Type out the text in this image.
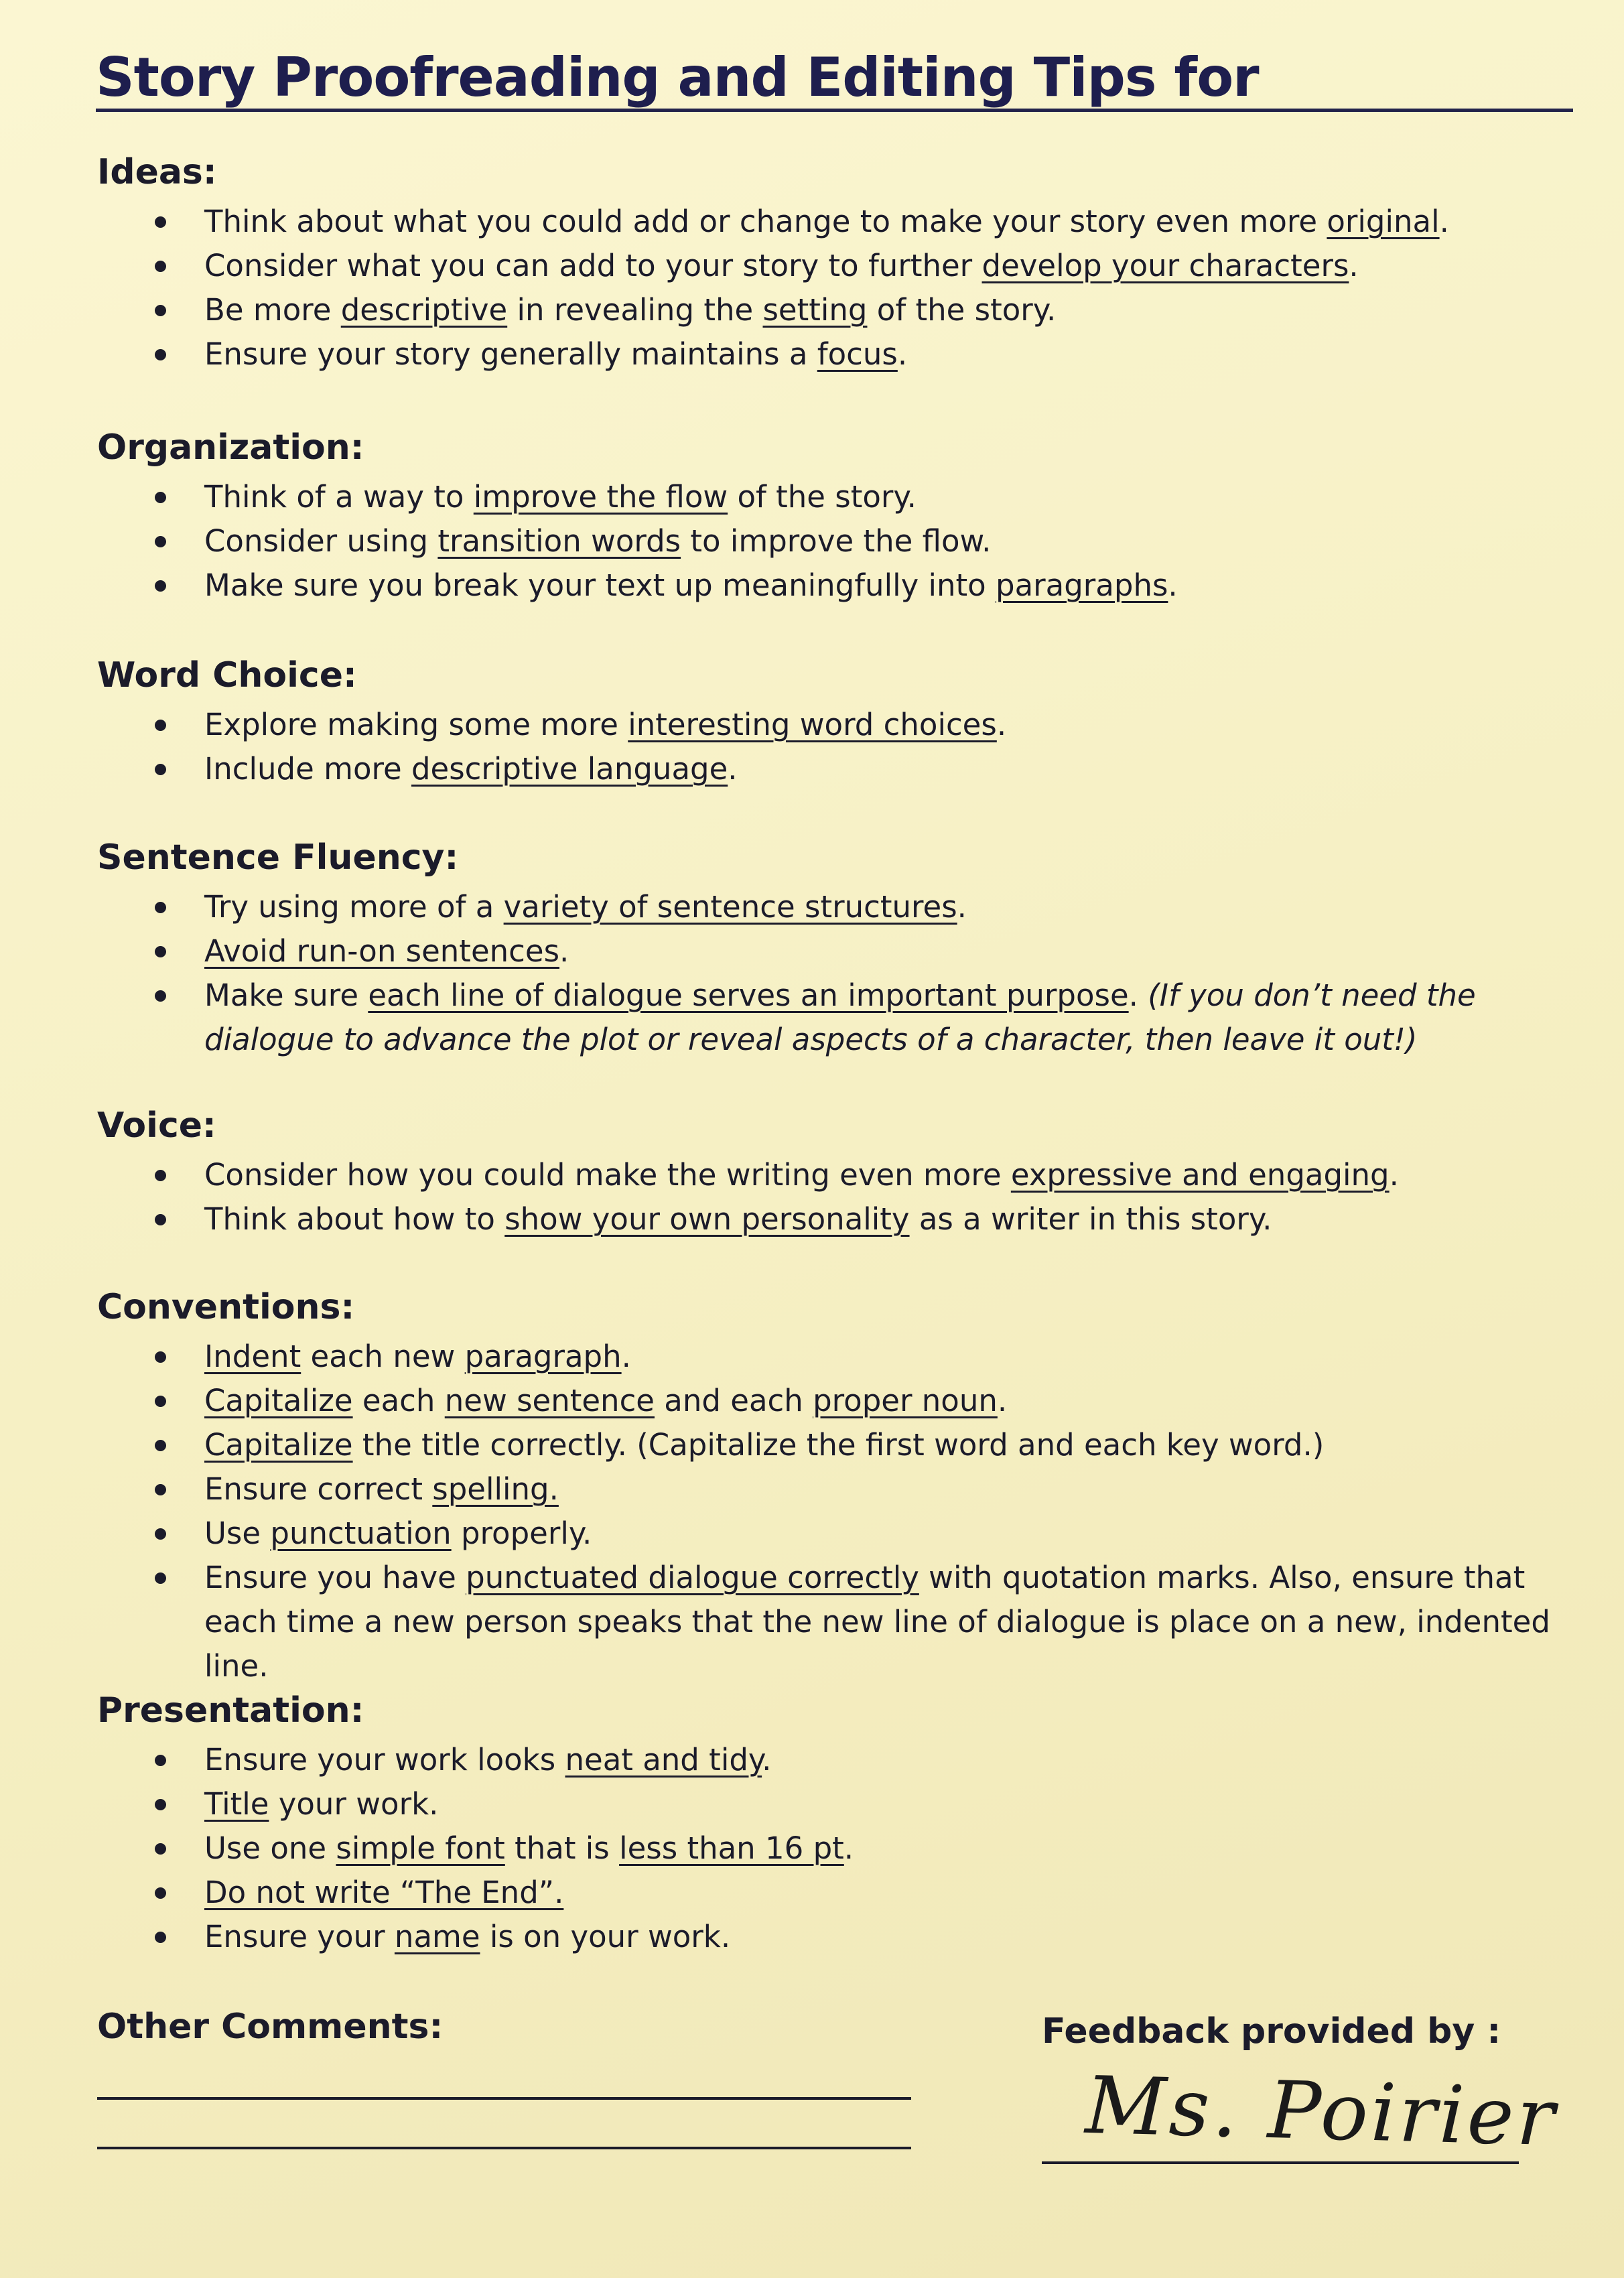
Story Proofreading and Editing Tips for
Ideas:
Think about what you could add or change to make your story even more original.
Consider what you can add to your story to further develop your characters.
Be more descriptive in revealing the setting of the story.
Ensure your story generally maintains a focus.
Organization:
Think of a way to improve the flow of the story.
Consider using transition words to improve the flow.
Make sure you break your text up meaningfully into paragraphs.
Word Choice:
Explore making some more interesting word choices.
Include more descriptive language.
Sentence Fluency:
Try using more of a variety of sentence structures.
Avoid run-on sentences.
Make sure each line of dialogue serves an important purpose. (If you don’t need the dialogue to advance the plot or reveal aspects of a character, then leave it out!)
Voice:
Consider how you could make the writing even more expressive and engaging.
Think about how to show your own personality as a writer in this story.
Conventions:
Indent each new paragraph.
Capitalize each new sentence and each proper noun.
Capitalize the title correctly. (Capitalize the first word and each key word.)
Ensure correct spelling.
Use punctuation properly.
Ensure you have punctuated dialogue correctly with quotation marks. Also, ensure that each time a new person speaks that the new line of dialogue is place on a new, indented line.
Presentation:
Ensure your work looks neat and tidy.
Title your work.
Use one simple font that is less than 16 pt.
Do not write “The End”.
Ensure your name is on your work.
Other Comments:	Feedback provided by :
Ms. Poirier
